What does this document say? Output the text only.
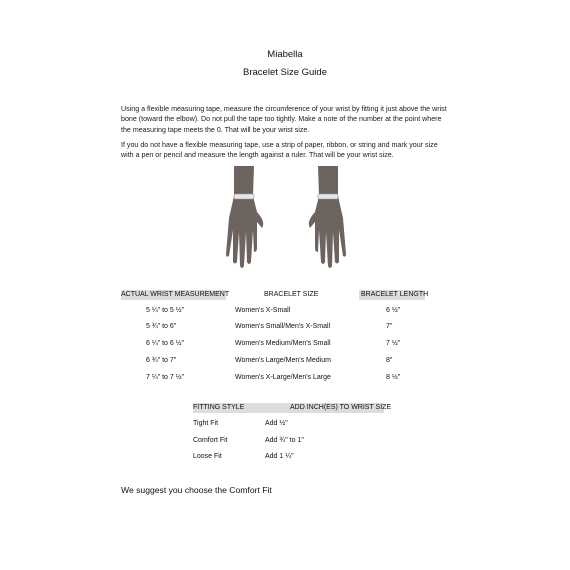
Miabella
Bracelet Size Guide
Using a flexible measuring tape, measure the circumference of your wrist by fitting it just above the wrist bone (toward the elbow). Do not pull the tape too tightly. Make a note of the number at the point where the measuring tape meets the 0. That will be your wrist size.
If you do not have a flexible measuring tape, use a strip of paper, ribbon, or string and mark your size with a pen or pencil and measure the length against a ruler. That will be your wrist size.
ACTUAL WRIST MEASUREMENT	BRACELET SIZE	BRACELET LENGTH
5 ¼" to 5 ½"	Women's X-Small	6 ½"
5 ¾" to 6"	Women's Small/Men's X-Small	7"
6 ¼" to 6 ½"	Women's Medium/Men's Small	7 ½"
6 ¾" to 7"	Women's Large/Men's Medium	8"
7 ¼" to 7 ½"	Women's X-Large/Men's Large	8 ½"
FITTING STYLE	ADD INCH(ES) TO WRIST SIZE
Tight Fit	Add ½"
Comfort Fit	Add ¾" to 1"
Loose Fit	Add 1 ¼"
We suggest you choose the Comfort Fit
